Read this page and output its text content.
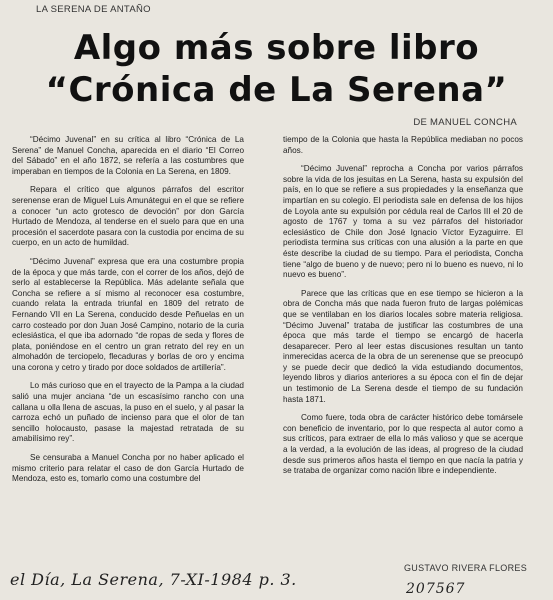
LA SERENA DE ANTAÑO
Algo más sobre libro
“Crónica de La Serena”
DE MANUEL CONCHA

“Décimo Juvenal” en su crítica al libro “Crónica de La Serena” de Manuel Concha, aparecida en el diario “El Correo del Sábado” en el año 1872, se refería a las costumbres que imperaban en tiempos de la Colonia en La Serena, en 1809.

Repara el crítico que algunos párrafos del escritor serenense eran de Miguel Luis Amunátegui en el que se refiere a conocer “un acto grotesco de devoción” por don García Hurtado de Mendoza, al tenderse en el suelo para que en una procesión el sacerdote pasara con la custodia por encima de su cuerpo, en un acto de humildad.

“Décimo Juvenal” expresa que era una costumbre propia de la época y que más tarde, con el correr de los años, dejó de serlo al establecerse la República. Más adelante señala que Concha se refiere a sí mismo al reconocer esa costumbre, cuando relata la entrada triunfal en 1809 del retrato de Fernando VII en La Serena, conducido desde Peñuelas en un carro costeado por don Juan José Campino, notario de la curia eclesiástica, el que iba adornado “de ropas de seda y flores de plata, poniéndose en el centro un gran retrato del rey en un almohadón de terciopelo, flecaduras y borlas de oro y encima una corona y cetro y tirado por doce soldados de artillería”.

Lo más curioso que en el trayecto de la Pampa a la ciudad salió una mujer anciana “de un escasísimo rancho con una callana u olla llena de ascuas, la puso en el suelo, y al pasar la carroza echó un puñado de incienso para que el olor de tan sencillo holocausto, pasase la majestad retratada de su amabilísimo rey”.

Se censuraba a Manuel Concha por no haber aplicado el mismo criterio para relatar el caso de don García Hurtado de Mendoza, esto es, tomarlo como una costumbre del

tiempo de la Colonia que hasta la República mediaban no pocos años.

“Décimo Juvenal” reprocha a Concha por varios párrafos sobre la vida de los jesuitas en La Serena, hasta su expulsión del país, en lo que se refiere a sus propiedades y la enseñanza que impartían en su colegio. El periodista sale en defensa de los hijos de Loyola ante su expulsión por cédula real de Carlos III el 20 de agosto de 1767 y toma a su vez párrafos del historiador eclesiástico de Chile don José Ignacio Víctor Eyzaguirre. El periodista termina sus críticas con una alusión a la parte en que éste describe la ciudad de su tiempo. Para el periodista, Concha tiene “algo de bueno y de nuevo; pero ni lo bueno es nuevo, ni lo nuevo es bueno”.

Parece que las críticas que en ese tiempo se hicieron a la obra de Concha más que nada fueron fruto de largas polémicas que se ventilaban en los diarios locales sobre materia religiosa. “Décimo Juvenal” trataba de justificar las costumbres de una época que más tarde el tiempo se encargó de hacerla desaparecer. Pero al leer estas discusiones resultan un tanto inmerecidas acerca de la obra de un serenense que se preocupó y se puede decir que dedicó la vida estudiando documentos, leyendo libros y diarios anteriores a su época con el fin de dejar un testimonio de La Serena desde el tiempo de su fundación hasta 1871.

Como fuere, toda obra de carácter histórico debe tomársele con beneficio de inventario, por lo que respecta al autor como a sus críticos, para extraer de ella lo más valioso y que se acerque a la verdad, a la evolución de las ideas, al progreso de la ciudad desde sus primeros años hasta el tiempo en que nacía la patria y se trataba de organizar como nación libre e independiente.

GUSTAVO RIVERA FLORES
el Día, La Serena, 7-XI-1984 p. 3.	207567
